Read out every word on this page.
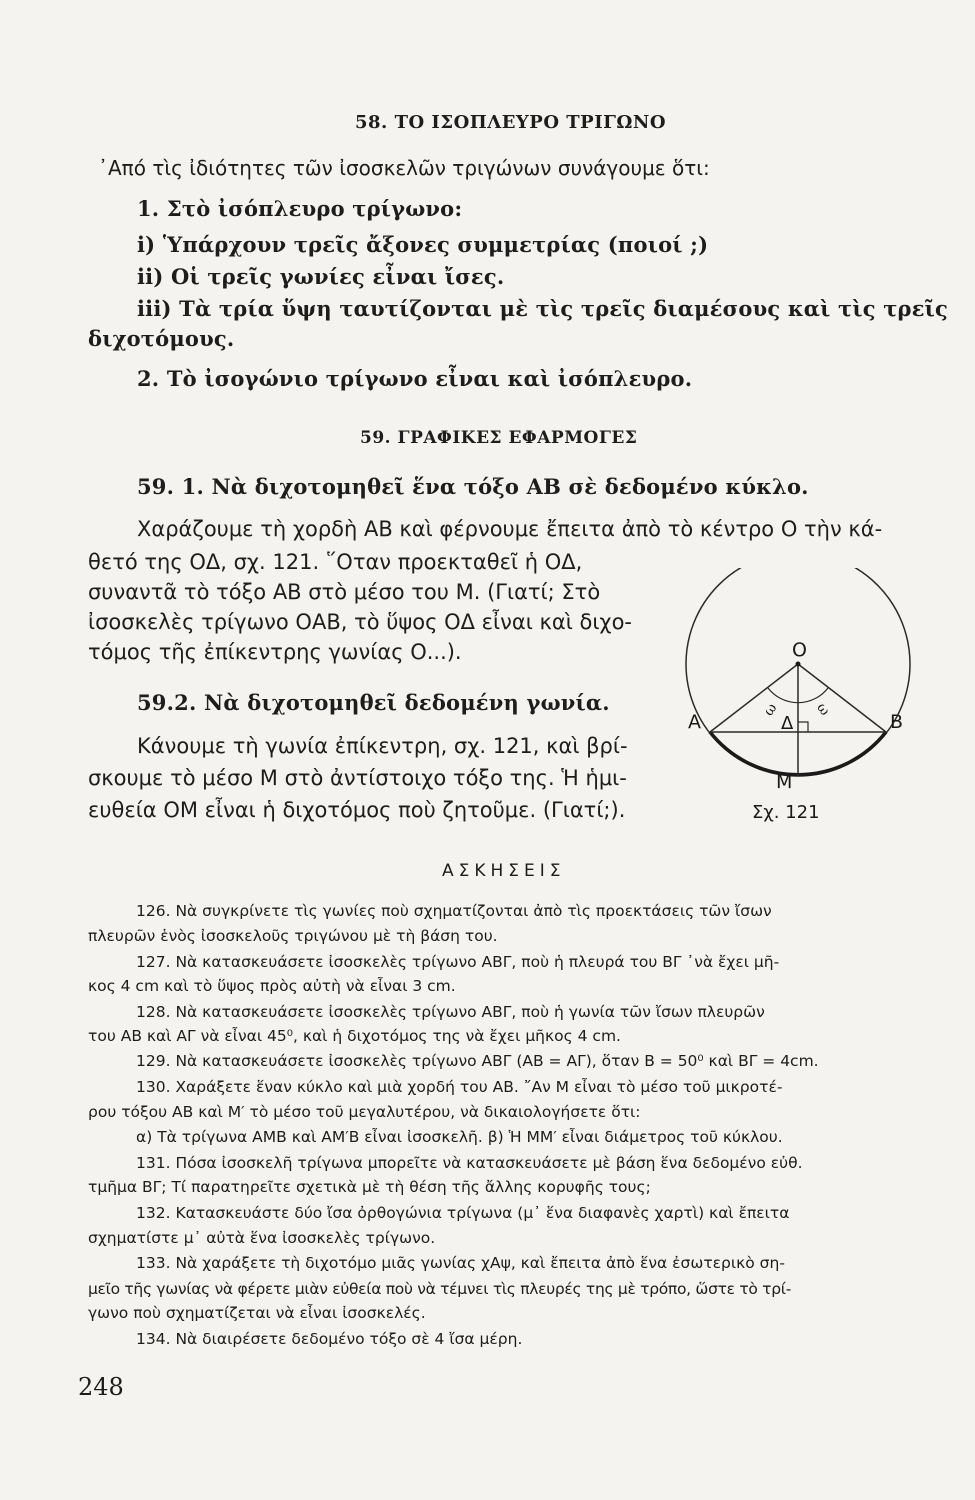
58. ΤΟ ΙΣΟΠΛΕΥΡΟ ΤΡΙΓΩΝΟ
᾿Από τὶς ἰδιότητες τῶν ἰσοσκελῶν τριγώνων συνάγουμε ὅτι:
1. Στὸ ἰσόπλευρο τρίγωνο:
i) Ὑπάρχουν τρεῖς ἄξονες συμμετρίας (ποιοί ;)
ii) Οἱ τρεῖς γωνίες εἶναι ἴσες.
iii) Τὰ τρία ὕψη ταυτίζονται μὲ τὶς τρεῖς διαμέσους καὶ τὶς τρεῖς
διχοτόμους.
2. Τὸ ἰσογώνιο τρίγωνο εἶναι καὶ ἰσόπλευρο.
59. ΓΡΑΦΙΚΕΣ ΕΦΑΡΜΟΓΕΣ
59. 1. Νὰ διχοτομηθεῖ ἕνα τόξο ΑΒ σὲ δεδομένο κύκλο.
Χαράζουμε τὴ χορδὴ ΑΒ καὶ φέρνουμε ἔπειτα ἀπὸ τὸ κέντρο Ο τὴν κά-
θετό της ΟΔ, σχ. 121. ῞Οταν προεκταθεῖ ἡ ΟΔ,
συναντᾶ τὸ τόξο ΑΒ στὸ μέσο του Μ. (Γιατί; Στὸ
ἰσοσκελὲς τρίγωνο ΟΑΒ, τὸ ὕψος ΟΔ εἶναι καὶ διχο-
τόμος τῆς ἐπίκεντρης γωνίας Ο...).
59.2. Νὰ διχοτομηθεῖ δεδομένη γωνία.
Κάνουμε τὴ γωνία ἐπίκεντρη, σχ. 121, καὶ βρί-
σκουμε τὸ μέσο Μ στὸ ἀντίστοιχο τόξο της. Ἡ ἡμι-
ευθεία ΟΜ εἶναι ἡ διχοτόμος ποὺ ζητοῦμε. (Γιατί;).
Ο
Α	Β
Δ
Μ
ω ω
Σχ. 121
ΑΣΚΗΣΕΙΣ
126. Νὰ συγκρίνετε τὶς γωνίες ποὺ σχηματίζονται ἀπὸ τὶς προεκτάσεις τῶν ἴσων
πλευρῶν ἑνὸς ἰσοσκελοῦς τριγώνου μὲ τὴ βάση του.
127. Νὰ κατασκευάσετε ἰσοσκελὲς τρίγωνο ΑΒΓ, ποὺ ἡ πλευρά του ΒΓ ᾿νὰ ἔχει μῆ-
κος 4 cm καὶ τὸ ὕψος πρὸς αὐτὴ νὰ εἶναι 3 cm.
128. Νὰ κατασκευάσετε ἰσοσκελὲς τρίγωνο ΑΒΓ, ποὺ ἡ γωνία τῶν ἴσων πλευρῶν
του ΑΒ καὶ ΑΓ νὰ εἶναι 45⁰, καὶ ἡ διχοτόμος της νὰ ἔχει μῆκος 4 cm.
129. Νὰ κατασκευάσετε ἰσοσκελὲς τρίγωνο ΑΒΓ (ΑΒ = ΑΓ), ὅταν Β = 50⁰ καὶ ΒΓ = 4cm.
130. Χαράξετε ἕναν κύκλο καὶ μιὰ χορδή του ΑΒ. ῎Αν Μ εἶναι τὸ μέσο τοῦ μικροτέ-
ρου τόξου ΑΒ καὶ Μ′ τὸ μέσο τοῦ μεγαλυτέρου, νὰ δικαιολογήσετε ὅτι:
α) Τὰ τρίγωνα ΑΜΒ καὶ ΑΜ′Β εἶναι ἰσοσκελῆ. β) Ἡ ΜΜ′ εἶναι διάμετρος τοῦ κύκλου.
131. Πόσα ἰσοσκελῆ τρίγωνα μπορεῖτε νὰ κατασκευάσετε μὲ βάση ἕνα δεδομένο εὐθ.
τμῆμα ΒΓ; Τί παρατηρεῖτε σχετικὰ μὲ τὴ θέση τῆς ἄλλης κορυφῆς τους;
132. Κατασκευάστε δύο ἴσα ὀρθογώνια τρίγωνα (μ᾿ ἕνα διαφανὲς χαρτὶ) καὶ ἔπειτα
σχηματίστε μ᾿ αὐτὰ ἕνα ἰσοσκελὲς τρίγωνο.
133. Νὰ χαράξετε τὴ διχοτόμο μιᾶς γωνίας χΑψ, καὶ ἔπειτα ἀπὸ ἕνα ἐσωτερικὸ ση-
μεῖο τῆς γωνίας νὰ φέρετε μιὰν εὐθεία ποὺ νὰ τέμνει τὶς πλευρές της μὲ τρόπο, ὥστε τὸ τρί-
γωνο ποὺ σχηματίζεται νὰ εἶναι ἰσοσκελές.
134. Νὰ διαιρέσετε δεδομένο τόξο σὲ 4 ἴσα μέρη.
248
